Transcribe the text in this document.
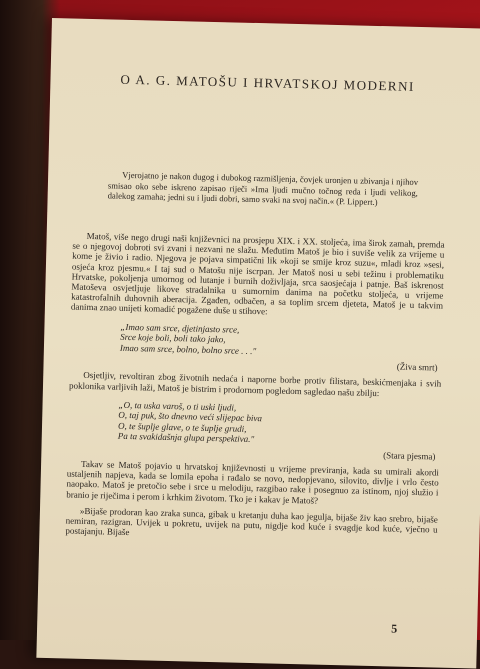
O A. G. MATOŠU I HRVATSKOJ MODERNI

Vjerojatno je nakon dugog i dubokog razmišljenja, čovjek uronjen u zbivanja i njihov smisao oko sebe iskreno zapisao riječi »Ima ljudi mučno točnog reda i ljudi velikog, dalekog zamaha; jedni su i ljudi dobri, samo svaki na svoj način.« (P. Lippert.)

Matoš, više nego drugi naši književnici na prosjepu XIX. i XX. stoljeća, ima širok zamah, premda se o njegovoj dobroti svi zvani i nezvani ne slažu. Međutim Matoš je bio i suviše velik za vrijeme u kome je živio i radio. Njegova je pojava simpatični lik »koji se smije kroz suzu«, mladi kroz »sesi, osjeća kroz pjesmu.« I taj sud o Matošu nije iscrpan. Jer Matoš nosi u sebi težinu i problematiku Hrvatske, pokoljenja umornog od lutanje i burnih doživljaja, srca saosjećaja i patnje. Baš iskrenost Matoševa osvjetljuje likove stradalnika u sumornim danima na početku stoljeća, u vrijeme katastrofalnih duhovnih aberacija. Zgađen, odbačen, a sa toplim srcem djeteta, Matoš je u takvim danima znao unijeti komadić pogažene duše u stihove:

„Imao sam srce, djetinjasto srce,
Srce koje boli, boli tako jako,
Imao sam srce, bolno, bolno srce . . ."
(Živa smrt)

Osjetljiv, revoltiran zbog životnih nedaća i naporne borbe protiv filistara, beskićmenjaka i svih poklonika varljivih laži, Matoš je bistrim i prodornom pogledom sagledao našu zbilju:

„O, ta uska varoš, o ti uski ljudi,
O, taj puk, što dnevno veći slijepac biva
O, te šuplje glave, o te šuplje grudi,
Pa ta svakidašnja glupa perspektiva."
(Stara pjesma)

Takav se Matoš pojavio u hrvatskoj književnosti u vrijeme previranja, kada su umirali akordi ustaljenih napjeva, kada se lomila epoha i rađalo se novo, nedopjevano, silovito, divlje i vrlo često naopako. Matoš je pretočio sebe i srce u melodiju, razgibao rake i posegnuo za istinom, njoj služio i branio je riječima i perom i krhkim životom. Tko je i kakav je Matoš?

»Bijaše prodoran kao zraka sunca, gibak u kretanju duha kao jegulja, bijaše živ kao srebro, bijaše nemiran, razigran. Uvijek u pokretu, uvijek na putu, nigdje kod kuće i svagdje kod kuće, vječno u postajanju. Bijaše

5
